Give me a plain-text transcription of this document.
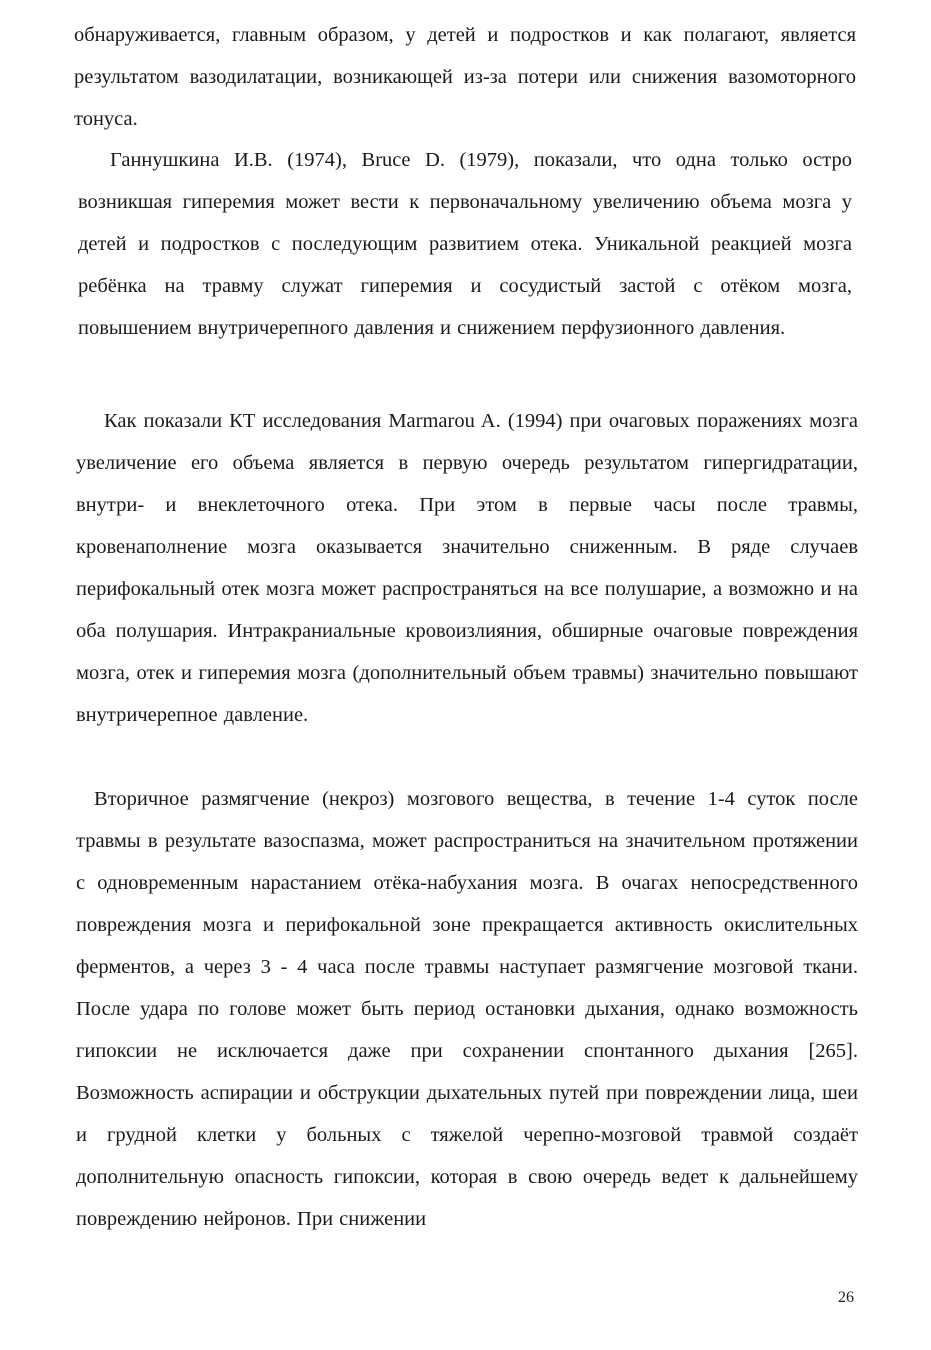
обнаруживается, главным образом, у детей и подростков и как полагают, является результатом вазодилатации, возникающей из-за потери или снижения вазомоторного тонуса.

Ганнушкина И.В. (1974), Bruce D. (1979), показали, что одна только остро возникшая гиперемия может вести к первоначальному увеличению объема мозга у детей и подростков с последующим развитием отека. Уникальной реакцией мозга ребёнка на травму служат гиперемия и сосудистый застой с отёком мозга, повышением внутричерепного давления и снижением перфузионного давления.

Как показали КТ исследования Marmarou A. (1994) при очаговых поражениях мозга увеличение его объема является в первую очередь результатом гипергидратации, внутри- и внеклеточного отека. При этом в первые часы после травмы, кровенаполнение мозга оказывается значительно сниженным. В ряде случаев перифокальный отек мозга может распространяться на все полушарие, а возможно и на оба полушария. Интракраниальные кровоизлияния, обширные очаговые повреждения мозга, отек и гиперемия мозга (дополнительный объем травмы) значительно повышают внутричерепное давление.

Вторичное размягчение (некроз) мозгового вещества, в течение 1-4 суток после травмы в результате вазоспазма, может распространиться на значительном протяжении с одновременным нарастанием отёка-набухания мозга. В очагах непосредственного повреждения мозга и перифокальной зоне прекращается активность окислительных ферментов, а через 3 - 4 часа после травмы наступает размягчение мозговой ткани. После удара по голове может быть период остановки дыхания, однако возможность гипоксии не исключается даже при сохранении спонтанного дыхания [265]. Возможность аспирации и обструкции дыхательных путей при повреждении лица, шеи и грудной клетки у больных с тяжелой черепно-мозговой травмой создаёт дополнительную опасность гипоксии, которая в свою очередь ведет к дальнейшему повреждению нейронов. При снижении

26
